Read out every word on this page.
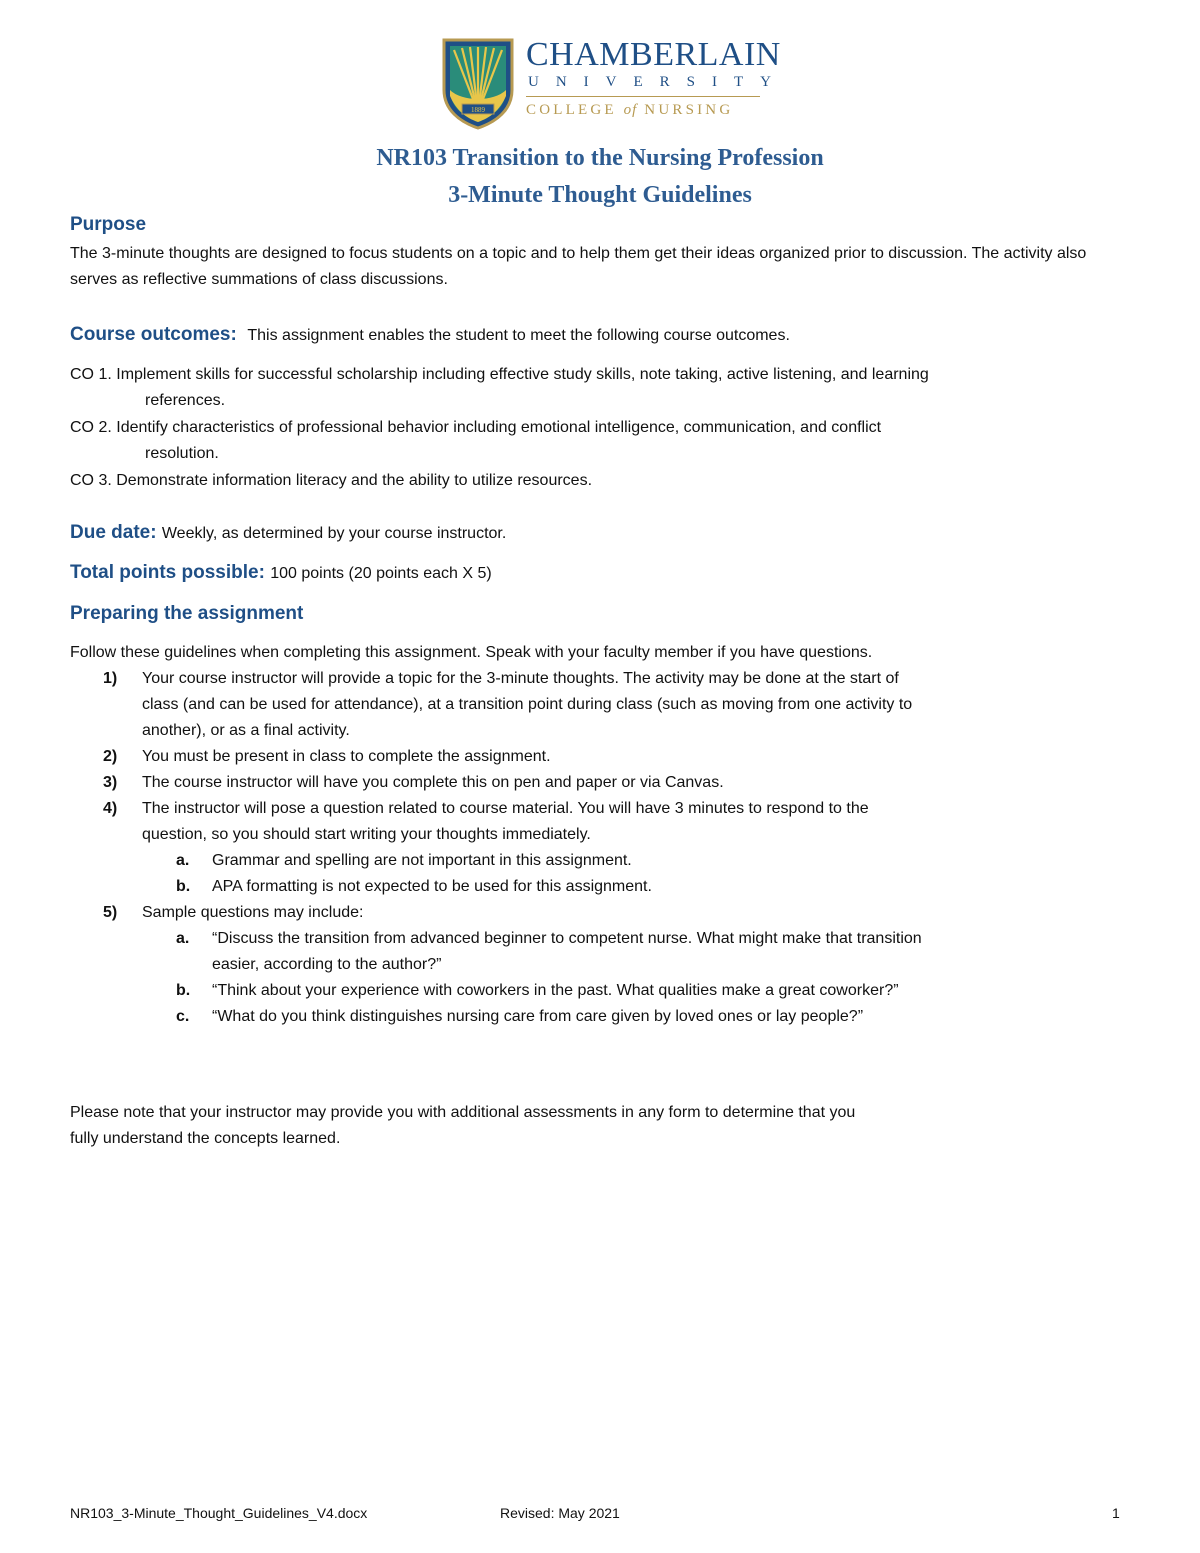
1889
CHAMBERLAIN
UNIVERSITY
COLLEGE of NURSING
NR103 Transition to the Nursing Profession
3-Minute Thought Guidelines
Purpose
The 3-minute thoughts are designed to focus students on a topic and to help them get their ideas organized prior to discussion. The activity also serves as reflective summations of class discussions.
Course outcomes: This assignment enables the student to meet the following course outcomes.
CO 1. Implement skills for successful scholarship including effective study skills, note taking, active listening, and learning
references.
CO 2. Identify characteristics of professional behavior including emotional intelligence, communication, and conflict
resolution.
CO 3. Demonstrate information literacy and the ability to utilize resources.
Due date: Weekly, as determined by your course instructor.
Total points possible: 100 points (20 points each X 5)
Preparing the assignment
Follow these guidelines when completing this assignment. Speak with your faculty member if you have questions.
1) Your course instructor will provide a topic for the 3-minute thoughts. The activity may be done at the start of
class (and can be used for attendance), at a transition point during class (such as moving from one activity to
another), or as a final activity.
2) You must be present in class to complete the assignment.
3) The course instructor will have you complete this on pen and paper or via Canvas.
4) The instructor will pose a question related to course material. You will have 3 minutes to respond to the
question, so you should start writing your thoughts immediately.
a. Grammar and spelling are not important in this assignment.
b. APA formatting is not expected to be used for this assignment.
5) Sample questions may include:
a. “Discuss the transition from advanced beginner to competent nurse. What might make that transition
easier, according to the author?”
b. “Think about your experience with coworkers in the past. What qualities make a great coworker?”
c. “What do you think distinguishes nursing care from care given by loved ones or lay people?”
Please note that your instructor may provide you with additional assessments in any form to determine that you
fully understand the concepts learned.
NR103_3-Minute_Thought_Guidelines_V4.docx	Revised: May 2021	1
